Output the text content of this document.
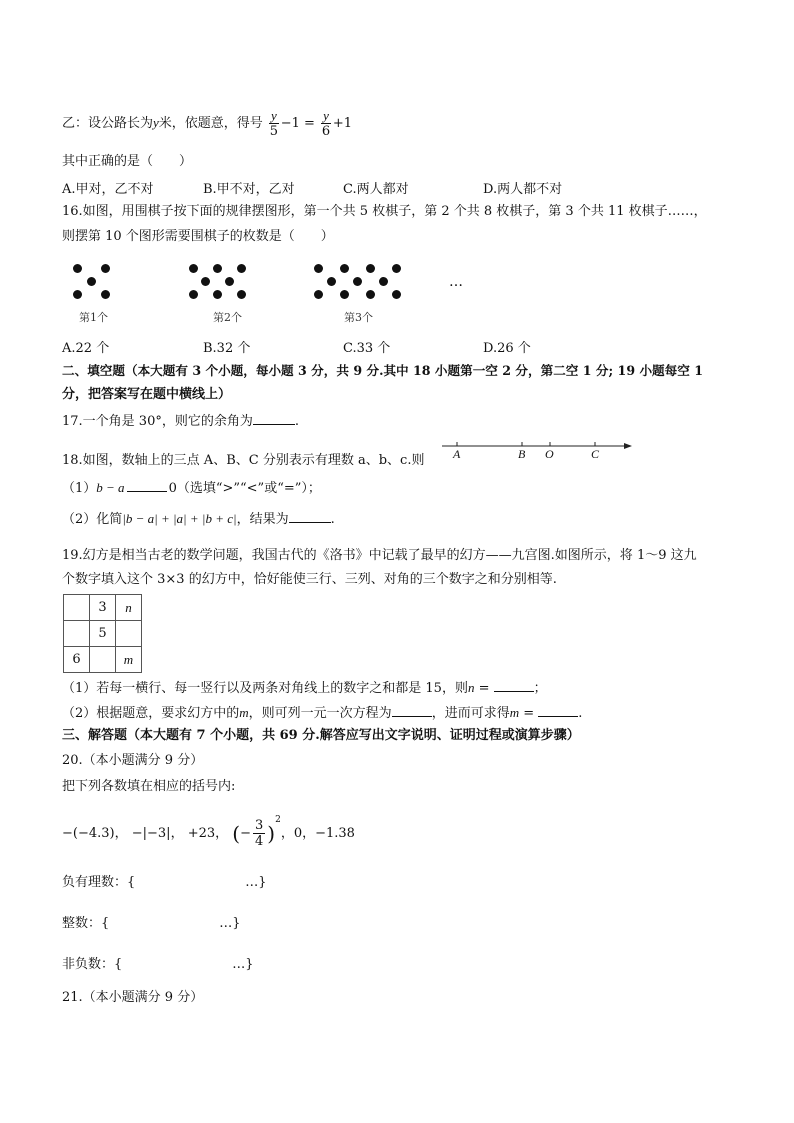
乙：设公路长为y米，依题意，得号 $\frac{y}{5} -1 = \frac{y}{6} +1$
其中正确的是（　　）
A.甲对，乙不对	B.甲不对，乙对	C.两人都对	D.两人都不对
16.如图，用围棋子按下面的规律摆图形，第一个共 5 枚棋子，第 2 个共 8 枚棋子，第 3 个共 11 枚棋子……，
则摆第 10 个图形需要围棋子的枚数是（　　）
…
第1个	第2个	第3个
A.22 个	B.32 个	C.33 个	D.26 个
二、填空题（本大题有 3 个小题，每小题 3 分，共 9 分.其中 18 小题第一空 2 分，第二空 1 分; 19 小题每空 1
分，把答案写在题中横线上）
17.一个角是 30°，则它的余角为	.
18.如图，数轴上的三点 A、B、C 分别表示有理数 a、b、c.则 A	B O	C
（1）b − a	0（选填“>”“<”或“=”）；
（2）化简|b − a| + |a| + |b + c|，结果为	.
19.幻方是相当古老的数学问题，我国古代的《洛书》中记载了最早的幻方——九宫图.如图所示，将 1～9 这九
个数字填入这个 3×3 的幻方中，恰好能使三行、三列、对角的三个数字之和分别相等.
	3	n
	5	
6		m
（1）若每一横行、每一竖行以及两条对角线上的数字之和都是 15，则n =	；
（2）根据题意，要求幻方中的m，则可列一元一次方程为	，进而可求得m =	.
三、解答题（本大题有 7 个小题，共 69 分.解答应写出文字说明、证明过程或演算步骤）
20.（本小题满分 9 分）
把下列各数填在相应的括号内:
−(−4.3)， −|−3|， +23， (− $\frac{3}{4} )^2$，0，−1.38
负有理数：{	…}
整数：{	…}
非负数：{	…}
21.（本小题满分 9 分）
